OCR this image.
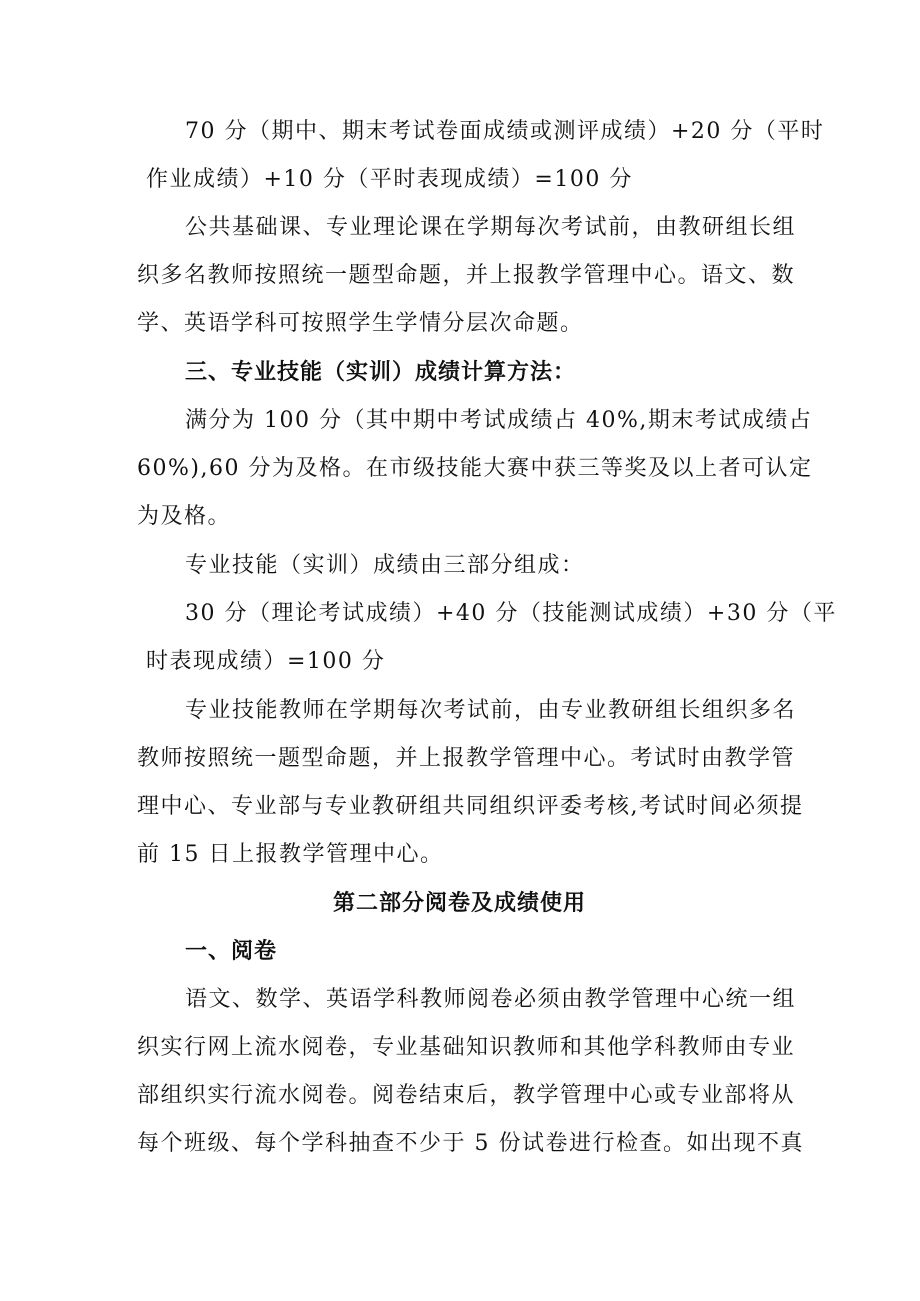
70 分（期中、期末考试卷面成绩或测评成绩）+20 分（平时
作业成绩）+10 分（平时表现成绩）=100 分
公共基础课、专业理论课在学期每次考试前，由教研组长组
织多名教师按照统一题型命题，并上报教学管理中心。语文、数
学、英语学科可按照学生学情分层次命题。
三、专业技能（实训）成绩计算方法：
满分为 100 分（其中期中考试成绩占 40%,期末考试成绩占
60%),60 分为及格。在市级技能大赛中获三等奖及以上者可认定
为及格。
专业技能（实训）成绩由三部分组成：
30 分（理论考试成绩）+40 分（技能测试成绩）+30 分（平
时表现成绩）=100 分
专业技能教师在学期每次考试前，由专业教研组长组织多名
教师按照统一题型命题，并上报教学管理中心。考试时由教学管
理中心、专业部与专业教研组共同组织评委考核,考试时间必须提
前 15 日上报教学管理中心。
第二部分阅卷及成绩使用
一、阅卷
语文、数学、英语学科教师阅卷必须由教学管理中心统一组
织实行网上流水阅卷，专业基础知识教师和其他学科教师由专业
部组织实行流水阅卷。阅卷结束后，教学管理中心或专业部将从
每个班级、每个学科抽查不少于 5 份试卷进行检查。如出现不真
